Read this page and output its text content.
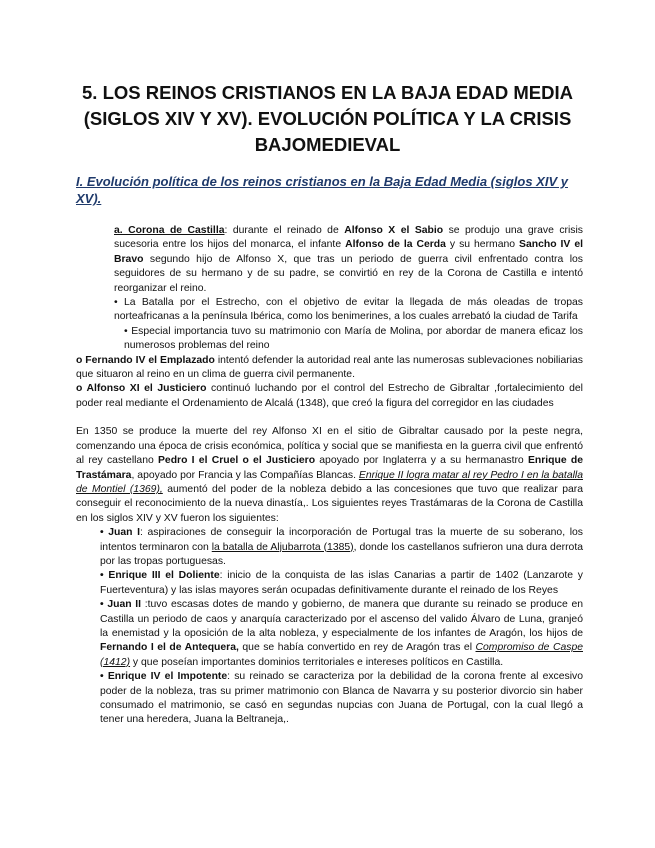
5. LOS REINOS CRISTIANOS EN LA BAJA EDAD MEDIA (SIGLOS XIV Y XV). EVOLUCIÓN POLÍTICA Y LA CRISIS BAJOMEDIEVAL
I. Evolución política de los reinos cristianos en la Baja Edad Media (siglos XIV y XV).

a. Corona de Castilla: durante el reinado de Alfonso X el Sabio se produjo una grave crisis sucesoria entre los hijos del monarca, el infante Alfonso de la Cerda y su hermano Sancho IV el Bravo segundo hijo de Alfonso X, que tras un periodo de guerra civil enfrentado contra los seguidores de su hermano y de su padre, se convirtió en rey de la Corona de Castilla e intentó reorganizar el reino.

• La Batalla por el Estrecho, con el objetivo de evitar la llegada de más oleadas de tropas norteafricanas a la península Ibérica, como los benimerines, a los cuales arrebató la ciudad de Tarifa

• Especial importancia tuvo su matrimonio con María de Molina, por abordar de manera eficaz los numerosos problemas del reino

o Fernando IV el Emplazado intentó defender la autoridad real ante las numerosas sublevaciones nobiliarias que situaron al reino en un clima de guerra civil permanente.

o Alfonso XI el Justiciero continuó luchando por el control del Estrecho de Gibraltar ,fortalecimiento del poder real mediante el Ordenamiento de Alcalá (1348), que creó la figura del corregidor en las ciudades

En 1350 se produce la muerte del rey Alfonso XI en el sitio de Gibraltar causado por la peste negra, comenzando una época de crisis económica, política y social que se manifiesta en la guerra civil que enfrentó al rey castellano Pedro I el Cruel o el Justiciero apoyado por Inglaterra y a su hermanastro Enrique de Trastámara, apoyado por Francia y las Compañías Blancas. Enrique II logra matar al rey Pedro I en la batalla de Montiel (1369), aumentó del poder de la nobleza debido a las concesiones que tuvo que realizar para conseguir el reconocimiento de la nueva dinastía,. Los siguientes reyes Trastámaras de la Corona de Castilla en los siglos XIV y XV fueron los siguientes:

• Juan I: aspiraciones de conseguir la incorporación de Portugal tras la muerte de su soberano, los intentos terminaron con la batalla de Aljubarrota (1385), donde los castellanos sufrieron una dura derrota por las tropas portuguesas.

• Enrique III el Doliente: inicio de la conquista de las islas Canarias a partir de 1402 (Lanzarote y Fuerteventura) y las islas mayores serán ocupadas definitivamente durante el reinado de los Reyes

• Juan II :tuvo escasas dotes de mando y gobierno, de manera que durante su reinado se produce en Castilla un periodo de caos y anarquía caracterizado por el ascenso del valido Álvaro de Luna, granjeó la enemistad y la oposición de la alta nobleza, y especialmente de los infantes de Aragón, los hijos de Fernando I el de Antequera, que se había convertido en rey de Aragón tras el Compromiso de Caspe (1412) y que poseían importantes dominios territoriales e intereses políticos en Castilla.

• Enrique IV el Impotente: su reinado se caracteriza por la debilidad de la corona frente al excesivo poder de la nobleza, tras su primer matrimonio con Blanca de Navarra y su posterior divorcio sin haber consumado el matrimonio, se casó en segundas nupcias con Juana de Portugal, con la cual llegó a tener una heredera, Juana la Beltraneja,.
